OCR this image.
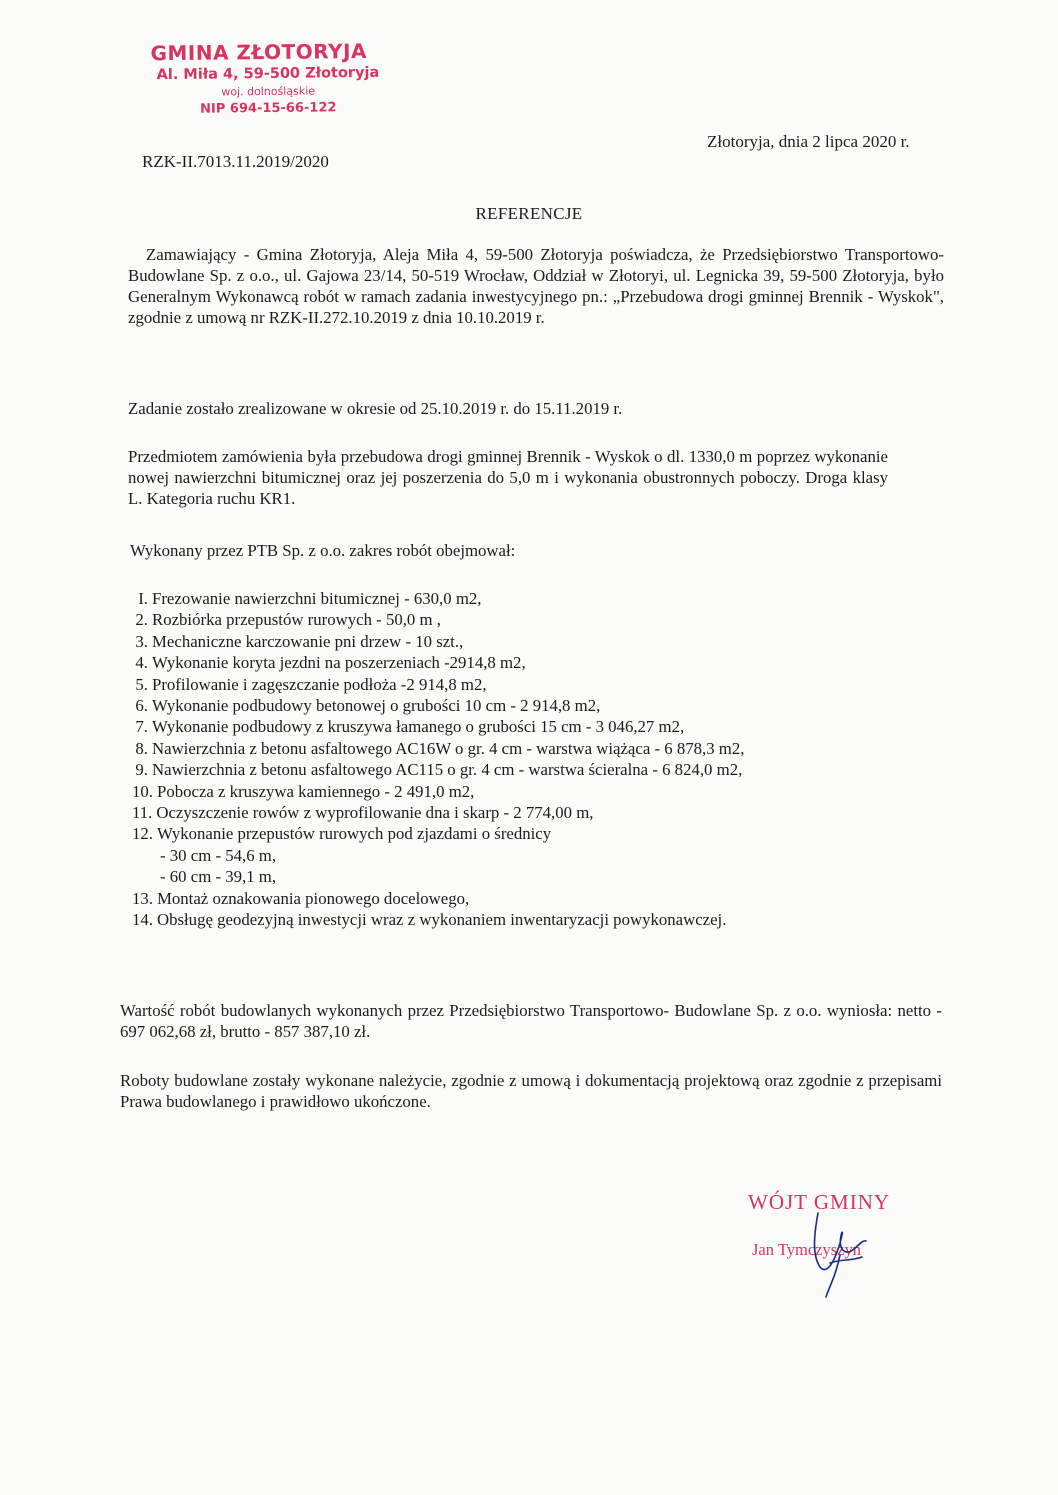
GMINA ZŁOTORYJA
Al. Miła 4, 59-500 Złotoryja
woj. dolnośląskie
NIP 694-15-66-122
RZK-II.7013.11.2019/2020
Złotoryja, dnia 2 lipca 2020 r.
REFERENCJE

Zamawiający - Gmina Złotoryja, Aleja Miła 4, 59-500 Złotoryja poświadcza, że Przedsiębiorstwo Transportowo-Budowlane Sp. z o.o., ul. Gajowa 23/14, 50-519 Wrocław, Oddział w Złotoryi, ul. Legnicka 39, 59-500 Złotoryja, było Generalnym Wykonawcą robót w ramach zadania inwestycyjnego pn.: „Przebudowa drogi gminnej Brennik - Wyskok", zgodnie z umową nr RZK-II.272.10.2019 z dnia 10.10.2019 r.

Zadanie zostało zrealizowane w okresie od 25.10.2019 r. do 15.11.2019 r.

Przedmiotem zamówienia była przebudowa drogi gminnej Brennik - Wyskok o dl. 1330,0 m poprzez wykonanie nowej nawierzchni bitumicznej oraz jej poszerzenia do 5,0 m i wykonania obustronnych poboczy. Droga klasy L. Kategoria ruchu KR1.

Wykonany przez PTB Sp. z o.o. zakres robót obejmował:

I. Frezowanie nawierzchni bitumicznej - 630,0 m2,
2. Rozbiórka przepustów rurowych - 50,0 m ,
3. Mechaniczne karczowanie pni drzew - 10 szt.,
4. Wykonanie koryta jezdni na poszerzeniach -2914,8 m2,
5. Profilowanie i zagęszczanie podłoża -2 914,8 m2,
6. Wykonanie podbudowy betonowej o grubości 10 cm - 2 914,8 m2,
7. Wykonanie podbudowy z kruszywa łamanego o grubości 15 cm - 3 046,27 m2,
8. Nawierzchnia z betonu asfaltowego AC16W o gr. 4 cm - warstwa wiążąca - 6 878,3 m2,
9. Nawierzchnia z betonu asfaltowego AC115 o gr. 4 cm - warstwa ścieralna - 6 824,0 m2,
10. Pobocza z kruszywa kamiennego - 2 491,0 m2,
11. Oczyszczenie rowów z wyprofilowanie dna i skarp - 2 774,00 m,
12. Wykonanie przepustów rurowych pod zjazdami o średnicy
- 30 cm - 54,6 m,
- 60 cm - 39,1 m,
13. Montaż oznakowania pionowego docelowego,
14. Obsługę geodezyjną inwestycji wraz z wykonaniem inwentaryzacji powykonawczej.

Wartość robót budowlanych wykonanych przez Przedsiębiorstwo Transportowo- Budowlane Sp. z o.o. wyniosła: netto - 697 062,68 zł, brutto - 857 387,10 zł.

Roboty budowlane zostały wykonane należycie, zgodnie z umową i dokumentacją projektową oraz zgodnie z przepisami Prawa budowlanego i prawidłowo ukończone.

WÓJT GMINY
Jan Tymczyszyn
